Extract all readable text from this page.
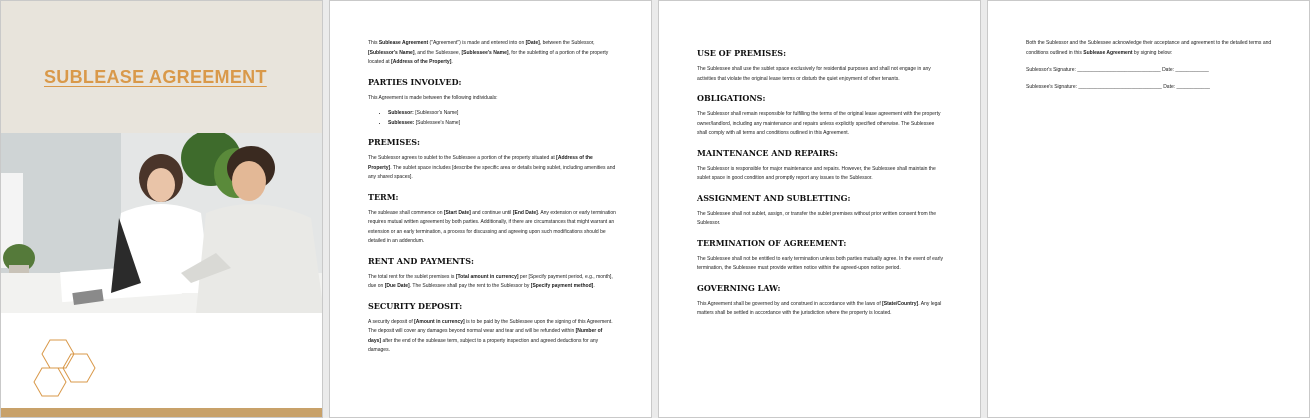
SUBLEASE AGREEMENT

This Sublease Agreement ("Agreement") is made and entered into on [Date], between the Sublessor, [Sublessor's Name], and the Sublessee, [Sublessee's Name], for the subletting of a portion of the property located at [Address of the Property].

PARTIES INVOLVED:

This Agreement is made between the following individuals:

• Sublessor: [Sublessor's Name]
• Sublessee: [Sublessee's Name]
PREMISES:

The Sublessor agrees to sublet to the Sublessee a portion of the property situated at [Address of the Property]. The sublet space includes [describe the specific area or details being sublet, including amenities and any shared spaces].

TERM:

The sublease shall commence on [Start Date] and continue until [End Date]. Any extension or early termination requires mutual written agreement by both parties. Additionally, if there are circumstances that might warrant an extension or an early termination, a process for discussing and agreeing upon such modifications should be detailed in an addendum.

RENT AND PAYMENTS:

The total rent for the sublet premises is [Total amount in currency] per [Specify payment period, e.g., month], due on [Due Date]. The Sublessee shall pay the rent to the Sublessor by [Specify payment method].

SECURITY DEPOSIT:

A security deposit of [Amount in currency] is to be paid by the Sublessee upon the signing of this Agreement. The deposit will cover any damages beyond normal wear and tear and will be refunded within [Number of days] after the end of the sublease term, subject to a property inspection and agreed deductions for any damages.

USE OF PREMISES:

The Sublessee shall use the sublet space exclusively for residential purposes and shall not engage in any activities that violate the original lease terms or disturb the quiet enjoyment of other tenants.

OBLIGATIONS:

The Sublessor shall remain responsible for fulfilling the terms of the original lease agreement with the property owner/landlord, including any maintenance and repairs unless explicitly specified otherwise. The Sublessee shall comply with all terms and conditions outlined in this Agreement.

MAINTENANCE AND REPAIRS:

The Sublessor is responsible for major maintenance and repairs. However, the Sublessee shall maintain the sublet space in good condition and promptly report any issues to the Sublessor.

ASSIGNMENT AND SUBLETTING:

The Sublessee shall not sublet, assign, or transfer the sublet premises without prior written consent from the Sublessor.

TERMINATION OF AGREEMENT:

The Sublessee shall not be entitled to early termination unless both parties mutually agree. In the event of early termination, the Sublessee must provide written notice within the agreed-upon notice period.

GOVERNING LAW:

This Agreement shall be governed by and construed in accordance with the laws of [State/Country]. Any legal matters shall be settled in accordance with the jurisdiction where the property is located.

Both the Sublessor and the Sublessee acknowledge their acceptance and agreement to the detailed terms and conditions outlined in this Sublease Agreement by signing below:

Sublessor's Signature: ______________________________ Date: ____________

Sublessee's Signature: ______________________________ Date: ____________
